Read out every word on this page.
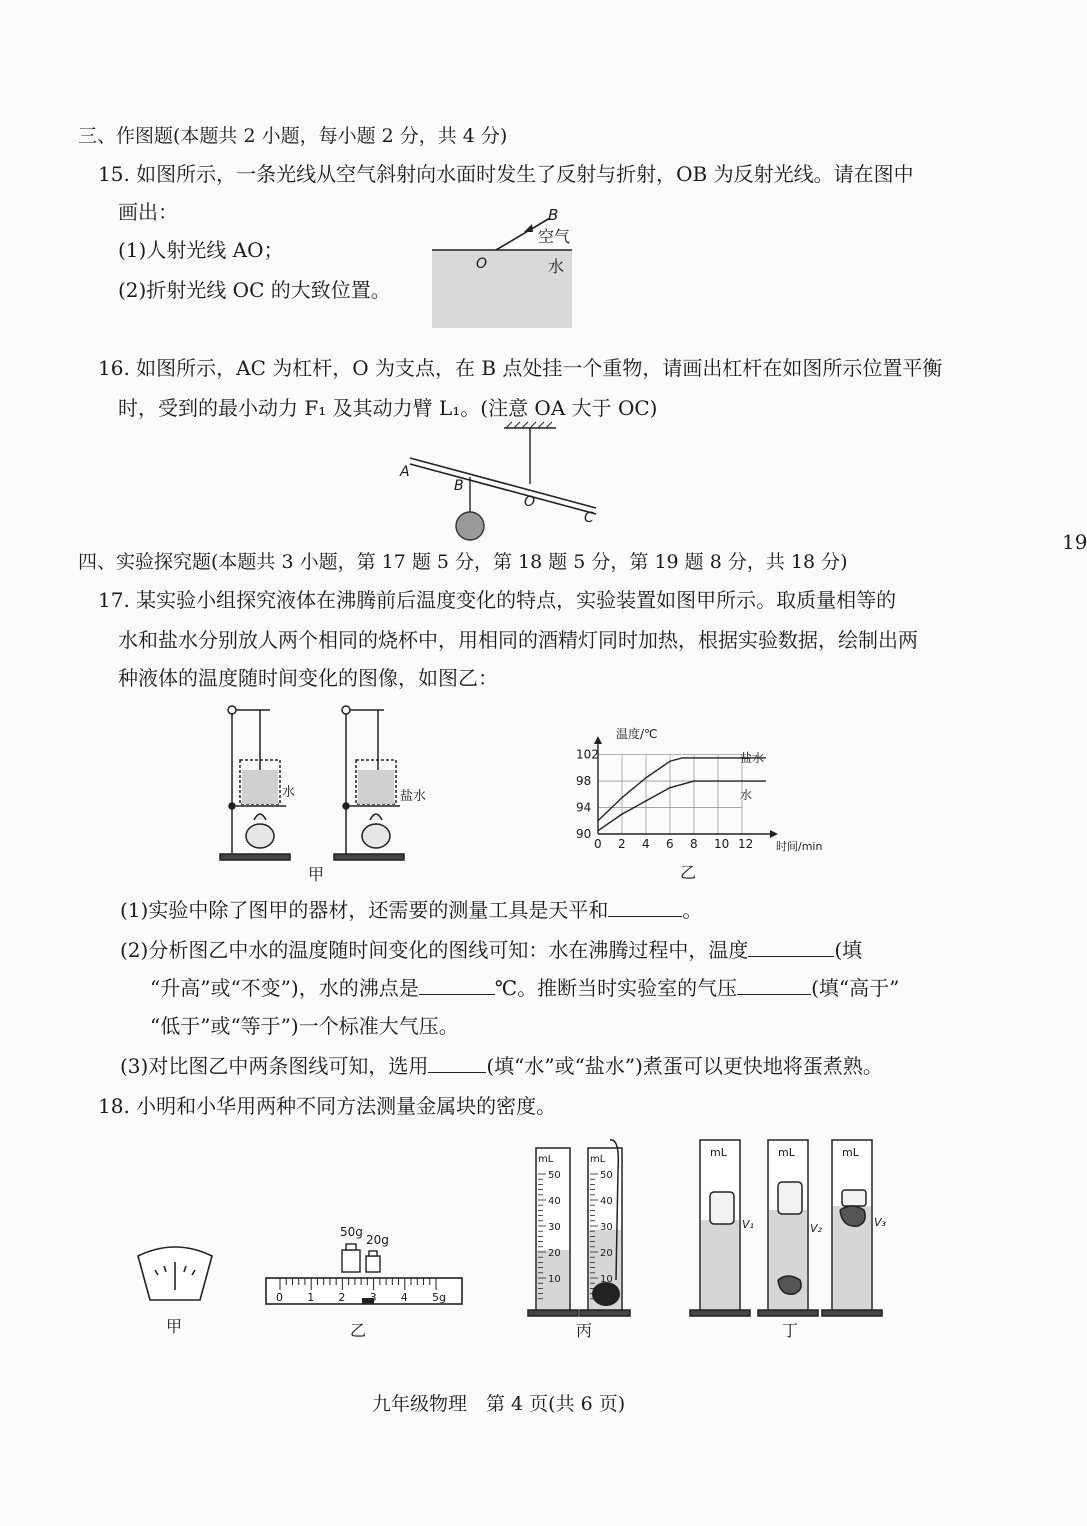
三、作图题(本题共 2 小题，每小题 2 分，共 4 分)
15. 如图所示，一条光线从空气斜射向水面时发生了反射与折射，OB 为反射光线。请在图中
画出：
(1)人射光线 AO；
(2)折射光线 OC 的大致位置。
B
空气
O	水
16. 如图所示，AC 为杠杆，O 为支点，在 B 点处挂一个重物，请画出杠杆在如图所示位置平衡
时，受到的最小动力 F₁ 及其动力臂 L₁。(注意 OA 大于 OC)
A
B
O
C
19
四、实验探究题(本题共 3 小题，第 17 题 5 分，第 18 题 5 分，第 19 题 8 分，共 18 分)
17. 某实验小组探究液体在沸腾前后温度变化的特点，实验装置如图甲所示。取质量相等的
水和盐水分别放人两个相同的烧杯中，用相同的酒精灯同时加热，根据实验数据，绘制出两
种液体的温度随时间变化的图像，如图乙：
水	盐水
甲
温度/℃
时间/min
0 2 4 6 8 10 12
90
94
98
102	盐水
水
乙
(1)实验中除了图甲的器材，还需要的测量工具是天平和	。
(2)分析图乙中水的温度随时间变化的图线可知：水在沸腾过程中，温度	(填
“升高”或“不变”)，水的沸点是	℃。推断当时实验室的气压	(填“高于”
“低于”或“等于”)一个标准大气压。
(3)对比图乙中两条图线可知，选用	(填“水”或“盐水”)煮蛋可以更快地将蛋煮熟。
18. 小明和小华用两种不同方法测量金属块的密度。
甲
50g
20g
0 1 2 3 4 5g
乙
50
40
30
20
10
50
40
30
20
10
mL	mL
丙
mL	mL	mL
V₁	V₂	V₃
丁
九年级物理　第 4 页(共 6 页)
